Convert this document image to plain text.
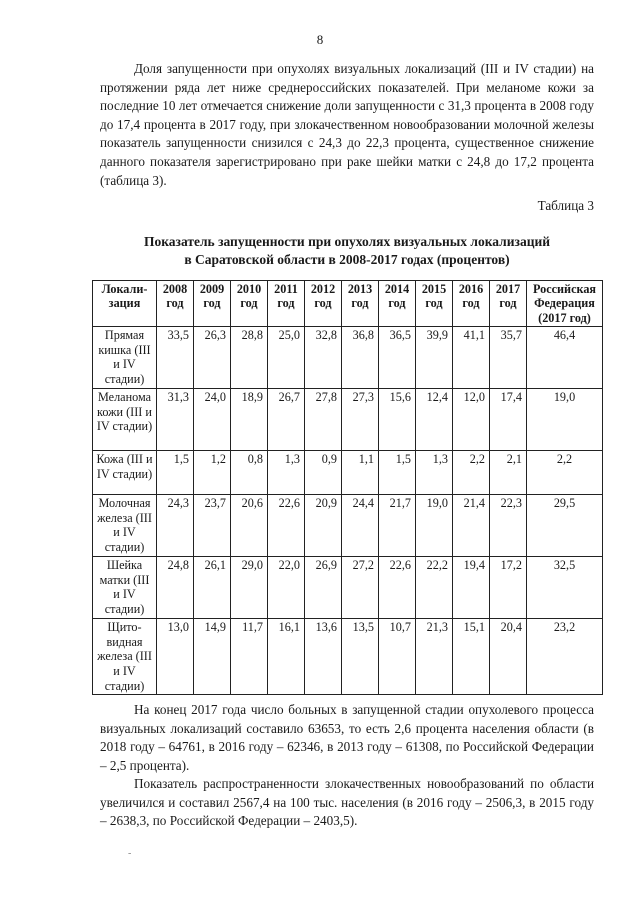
8

Доля запущенности при опухолях визуальных локализаций (III и IV стадии) на протяжении ряда лет ниже среднероссийских показателей. При меланоме кожи за последние 10 лет отмечается снижение доли запущенности с 31,3 процента в 2008 году до 17,4 процента в 2017 году, при злокачественном новообразовании молочной железы показатель запущенности снизился с 24,3 до 22,3 процента, существенное снижение данного показателя зарегистрировано при раке шейки матки с 24,8 до 17,2 процента (таблица 3).

Таблица 3
Показатель запущенности при опухолях визуальных локализаций
в Саратовской области в 2008-2017 годах (процентов)
Локали-зация	2008 год	2009 год	2010 год	2011 год	2012 год	2013 год	2014 год	2015 год	2016 год	2017 год	Российская Федерация (2017 год)
Прямая кишка (III и IV стадии)	33,5	26,3	28,8	25,0	32,8	36,8	36,5	39,9	41,1	35,7	46,4
Меланома кожи (III и IV стадии)	31,3	24,0	18,9	26,7	27,8	27,3	15,6	12,4	12,0	17,4	19,0
Кожа (III и IV стадии)	1,5	1,2	0,8	1,3	0,9	1,1	1,5	1,3	2,2	2,1	2,2
Молочная железа (III и IV стадии)	24,3	23,7	20,6	22,6	20,9	24,4	21,7	19,0	21,4	22,3	29,5
Шейка матки (III и IV стадии)	24,8	26,1	29,0	22,0	26,9	27,2	22,6	22,2	19,4	17,2	32,5
Щито-видная железа (III и IV стадии)	13,0	14,9	11,7	16,1	13,6	13,5	10,7	21,3	15,1	20,4	23,2

На конец 2017 года число больных в запущенной стадии опухолевого процесса визуальных локализаций составило 63653, то есть 2,6 процента населения области (в 2018 году – 64761, в 2016 году – 62346, в 2013 году – 61308, по Российской Федерации – 2,5 процента).

Показатель распространенности злокачественных новообразований по области увеличился и составил 2567,4 на 100 тыс. населения (в 2016 году – 2506,3, в 2015 году – 2638,3, по Российской Федерации – 2403,5).

-
